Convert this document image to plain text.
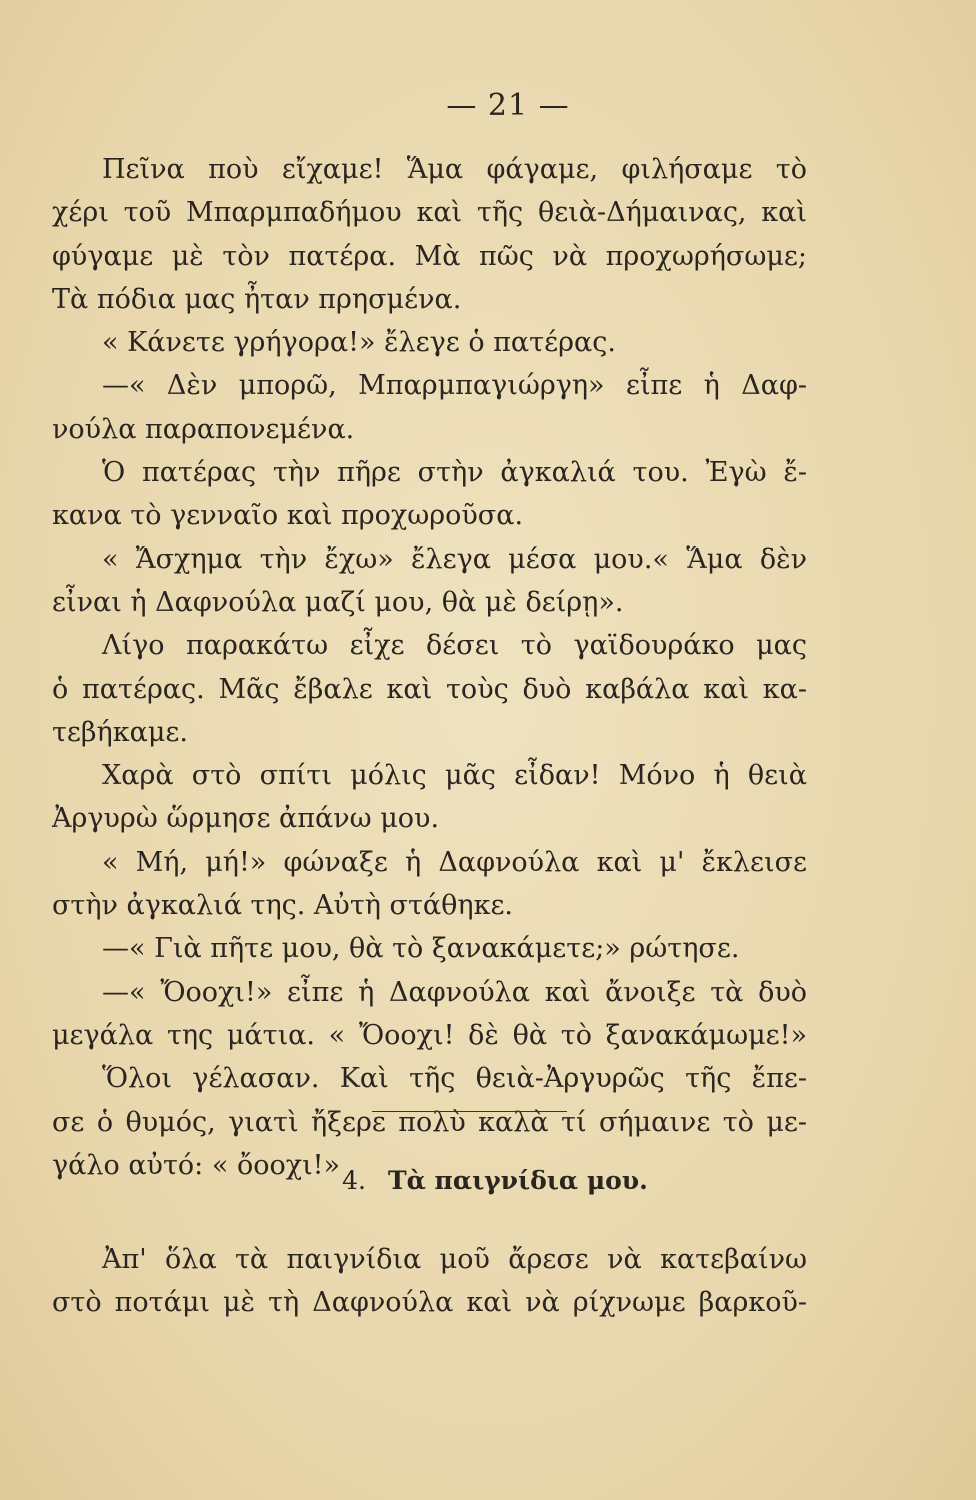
— 21 —
Πεῖνα ποὺ εἴχαμε! Ἅμα φάγαμε, φιλήσαμε τὸ
χέρι τοῦ Μπαρμπαδήμου καὶ τῆς θειὰ-Δήμαινας, καὶ
φύγαμε μὲ τὸν πατέρα. Μὰ πῶς νὰ προχωρήσωμε;
Τὰ πόδια μας ἦταν πρησμένα.
« Κάνετε γρήγορα!» ἔλεγε ὁ πατέρας.
—« Δὲν μπορῶ, Μπαρμπαγιώργη» εἶπε ἡ Δαφ-
νούλα παραπονεμένα.
Ὁ πατέρας τὴν πῆρε στὴν ἀγκαλιά του. Ἐγὼ ἔ-
κανα τὸ γενναῖο καὶ προχωροῦσα.
« Ἄσχημα τὴν ἔχω» ἔλεγα μέσα μου.« Ἅμα δὲν
εἶναι ἡ Δαφνούλα μαζί μου, θὰ μὲ δείρῃ».
Λίγο παρακάτω εἶχε δέσει τὸ γαϊδουράκο μας
ὁ πατέρας. Μᾶς ἔβαλε καὶ τοὺς δυὸ καβάλα καὶ κα-
τεβήκαμε.
Χαρὰ στὸ σπίτι μόλις μᾶς εἶδαν! Μόνο ἡ θειὰ
Ἀργυρὼ ὥρμησε ἀπάνω μου.
« Μή, μή!» φώναξε ἡ Δαφνούλα καὶ μ' ἔκλεισε
στὴν ἀγκαλιά της. Αὐτὴ στάθηκε.
—« Γιὰ πῆτε μου, θὰ τὸ ξανακάμετε;» ρώτησε.
—« Ὄοοχι!» εἶπε ἡ Δαφνούλα καὶ ἄνοιξε τὰ δυὸ
μεγάλα της μάτια. « Ὄοοχι! δὲ θὰ τὸ ξανακάμωμε!»
Ὅλοι γέλασαν. Καὶ τῆς θειὰ-Ἀργυρῶς τῆς ἔπε-
σε ὁ θυμός, γιατὶ ἤξερε πολὺ καλὰ τί σήμαινε τὸ με-
γάλο αὐτό: « ὄοοχι!» 4. Τὰ παιγνίδια μου.
Ἀπ' ὅλα τὰ παιγνίδια μοῦ ἄρεσε νὰ κατεβαίνω
στὸ ποτάμι μὲ τὴ Δαφνούλα καὶ νὰ ρίχνωμε βαρκοῦ-
